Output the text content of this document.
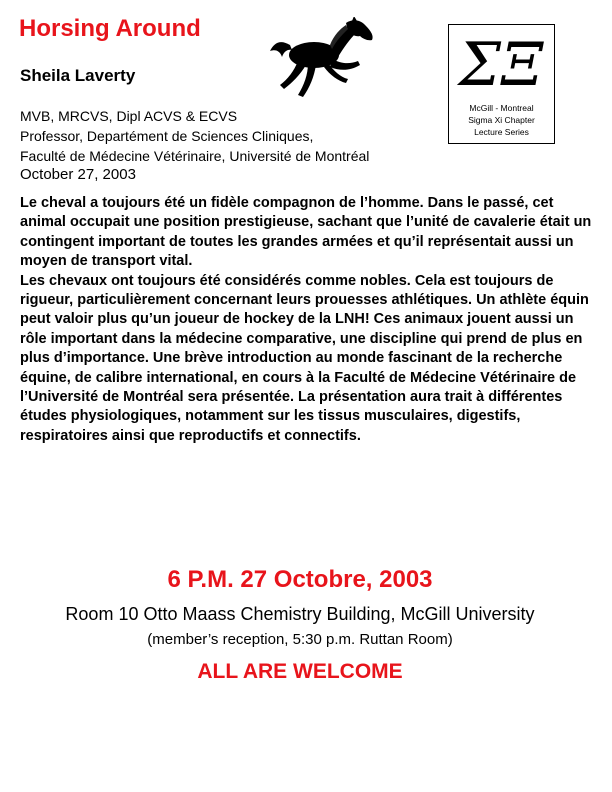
Horsing Around
Sheila Laverty
MVB, MRCVS, Dipl ACVS & ECVS
Professor, Departément de Sciences Cliniques,
Faculté de Médecine Vétérinaire, Université de Montréal
October 27, 2003
ΣΞ
McGill - Montreal
Sigma Xi Chapter
Lecture Series

Le cheval a toujours été un fidèle compagnon de l’homme. Dans le passé, cet animal occupait une position prestigieuse, sachant que l’unité de cavalerie était un contingent important de toutes les grandes armées et qu’il représentait aussi un moyen de transport vital.

Les chevaux ont toujours été considérés comme nobles. Cela est toujours de rigueur, particulièrement concernant leurs prouesses athlétiques. Un athlète équin peut valoir plus qu’un joueur de hockey de la LNH! Ces animaux jouent aussi un rôle important dans la médecine comparative, une discipline qui prend de plus en plus d’importance. Une brève introduction au monde fascinant de la recherche équine, de calibre international, en cours à la Faculté de Médecine Vétérinaire de l’Université de Montréal sera présentée. La présentation aura trait à différentes études physiologiques, notamment sur les tissus musculaires, digestifs, respiratoires ainsi que reproductifs et connectifs.

6 P.M. 27 Octobre, 2003
Room 10 Otto Maass Chemistry Building, McGill University
(member’s reception, 5:30 p.m. Ruttan Room)
ALL ARE WELCOME
